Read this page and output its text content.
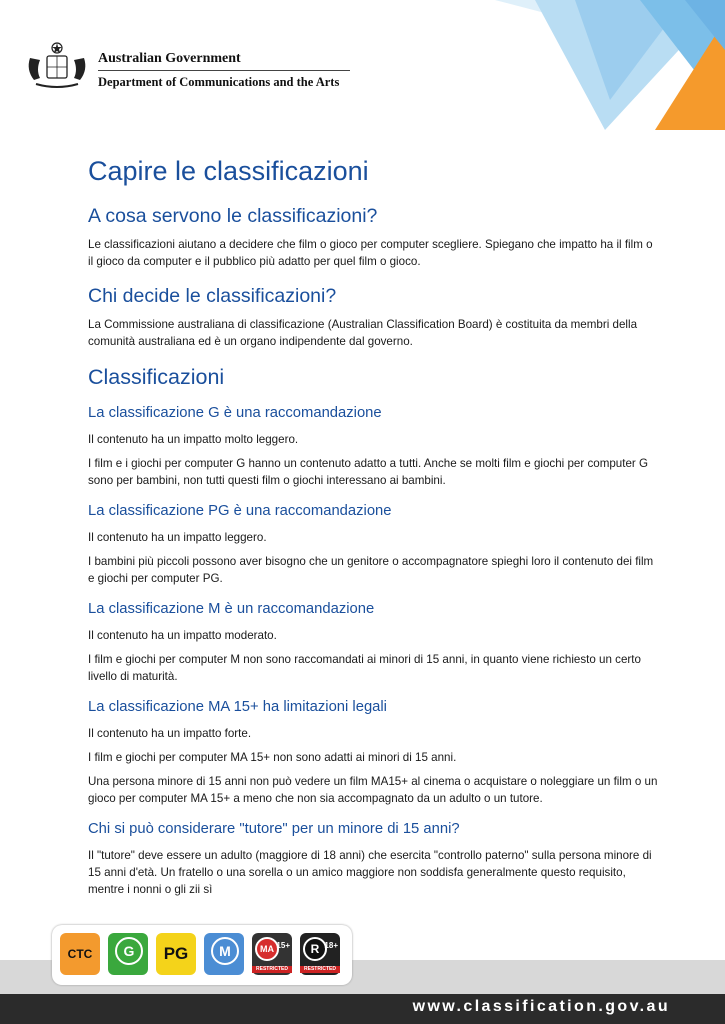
Australian Government
Department of Communications and the Arts
Capire le classificazioni
A cosa servono le classificazioni?

Le classificazioni aiutano a decidere che film o gioco per computer scegliere. Spiegano che impatto ha il film o il gioco da computer e il pubblico più adatto per quel film o gioco.

Chi decide le classificazioni?

La Commissione australiana di classificazione (Australian Classification Board) è costituita da membri della comunità australiana ed è un organo indipendente dal governo.

Classificazioni
La classificazione G è una raccomandazione

Il contenuto ha un impatto molto leggero.

I film e i giochi per computer G hanno un contenuto adatto a tutti. Anche se molti film e giochi per computer G sono per bambini, non tutti questi film o giochi interessano ai bambini.

La classificazione PG è una raccomandazione

Il contenuto ha un impatto leggero.

I bambini più piccoli possono aver bisogno che un genitore o accompagnatore spieghi loro il contenuto dei film e giochi per computer PG.

La classificazione M è un raccomandazione

Il contenuto ha un impatto moderato.

I film e giochi per computer M non sono raccomandati ai minori di 15 anni, in quanto viene richiesto un certo livello di maturità.

La classificazione MA 15+ ha limitazioni legali

Il contenuto ha un impatto forte.

I film e giochi per computer MA 15+ non sono adatti ai minori di 15 anni.

Una persona minore di 15 anni non può vedere un film MA15+ al cinema o acquistare o noleggiare un film o un gioco per computer MA 15+ a meno che non sia accompagnato da un adulto o un tutore.

Chi si può considerare "tutore" per un minore di 15 anni?

Il "tutore" deve essere un adulto (maggiore di 18 anni) che esercita "controllo paterno" sulla persona minore di 15 anni d'età. Un fratello o una sorella o un amico maggiore non soddisfa generalmente questo requisito, mentre i nonni o gli zii sì

CTC	G	PG	M	MA 15+
RESTRICTED
R 18+
RESTRICTED
www.classification.gov.au
